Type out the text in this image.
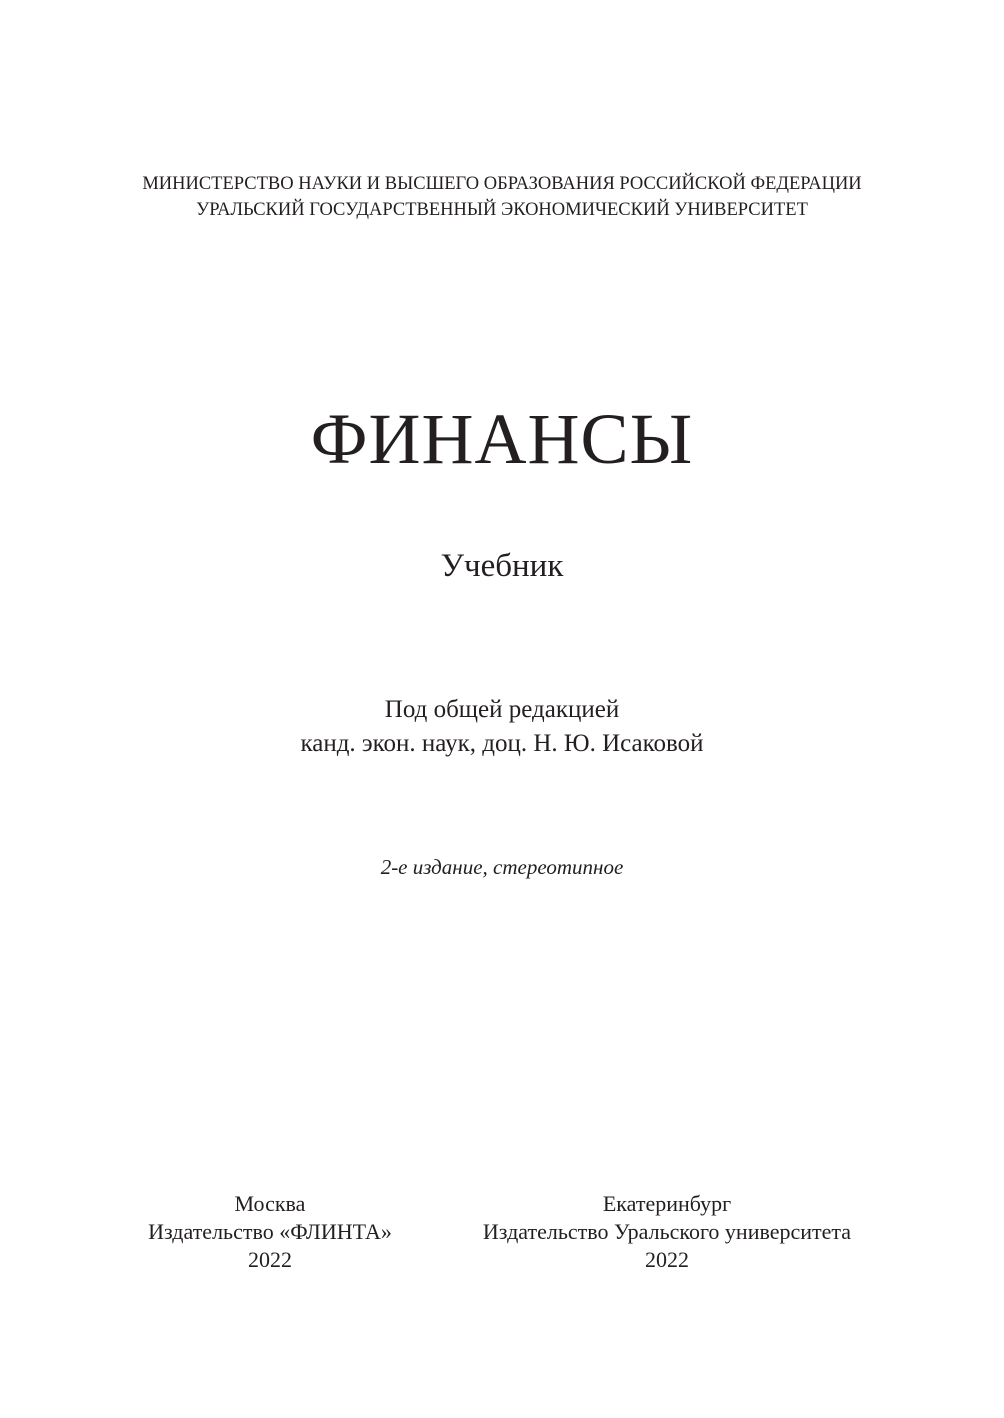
МИНИСТЕРСТВО НАУКИ И ВЫСШЕГО ОБРАЗОВАНИЯ РОССИЙСКОЙ ФЕДЕРАЦИИ
УРАЛЬСКИЙ ГОСУДАРСТВЕННЫЙ ЭКОНОМИЧЕСКИЙ УНИВЕРСИТЕТ
ФИНАНСЫ
Учебник
Под общей редакцией
канд. экон. наук, доц. Н. Ю. Исаковой
2-е издание, стереотипное
Москва
Издательство «ФЛИНТА»
2022
Екатеринбург
Издательство Уральского университета
2022
